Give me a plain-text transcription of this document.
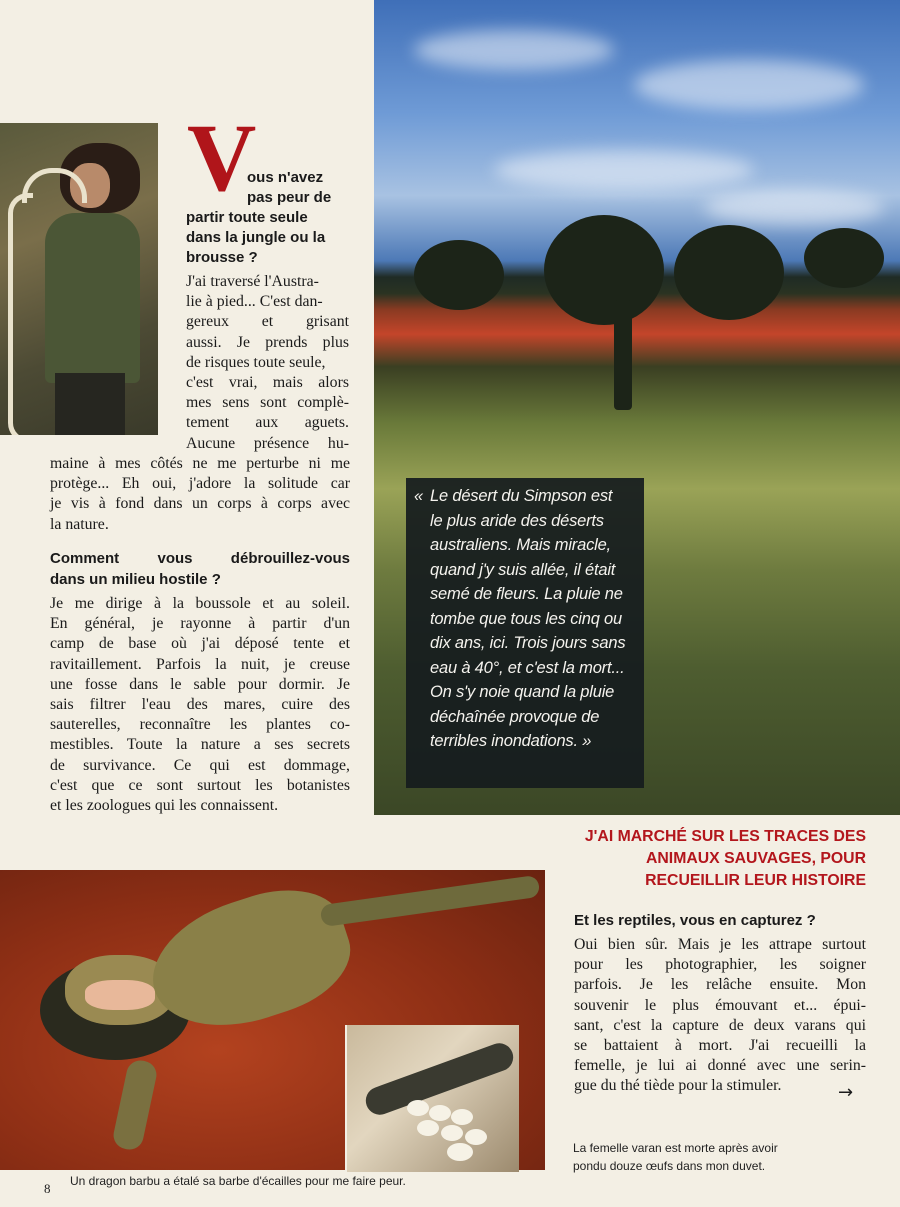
« Le désert du Simpson est
le plus aride des déserts
australiens. Mais miracle,
quand j'y suis allée, il était
semé de fleurs. La pluie ne
tombe que tous les cinq ou
dix ans, ici. Trois jours sans
eau à 40°, et c'est la mort...
On s'y noie quand la pluie
déchaînée provoque de
terribles inondations. »
V
ous n'avez
pas peur de
partir toute seule
dans la jungle ou la
brousse ?
J'ai traversé l'Austra-
lie à pied... C'est dan-
gereux et grisant
aussi. Je prends plus
de risques toute seule,
c'est vrai, mais alors
mes sens sont complè-
tement aux aguets.
Aucune présence hu-
maine à mes côtés ne me perturbe ni me
protège... Eh oui, j'adore la solitude car
je vis à fond dans un corps à corps avec
la nature.
Comment vous débrouillez-vous
dans un milieu hostile ?
Je me dirige à la boussole et au soleil.
En général, je rayonne à partir d'un
camp de base où j'ai déposé tente et
ravitaillement. Parfois la nuit, je creuse
une fosse dans le sable pour dormir. Je
sais filtrer l'eau des mares, cuire des
sauterelles, reconnaître les plantes co-
mestibles. Toute la nature a ses secrets
de survivance. Ce qui est dommage,
c'est que ce sont surtout les botanistes
et les zoologues qui les connaissent.
J'AI MARCHÉ SUR LES TRACES DES
ANIMAUX SAUVAGES, POUR
RECUEILLIR LEUR HISTOIRE
Et les reptiles, vous en capturez ?
Oui bien sûr. Mais je les attrape surtout
pour les photographier, les soigner
parfois. Je les relâche ensuite. Mon
souvenir le plus émouvant et... épui-
sant, c'est la capture de deux varans qui
se battaient à mort. J'ai recueilli la
femelle, je lui ai donné avec une serin-
gue du thé tiède pour la stimuler.	→
La femelle varan est morte après avoir
pondu douze œufs dans mon duvet.
Un dragon barbu a étalé sa barbe d'écailles pour me faire peur.
8
